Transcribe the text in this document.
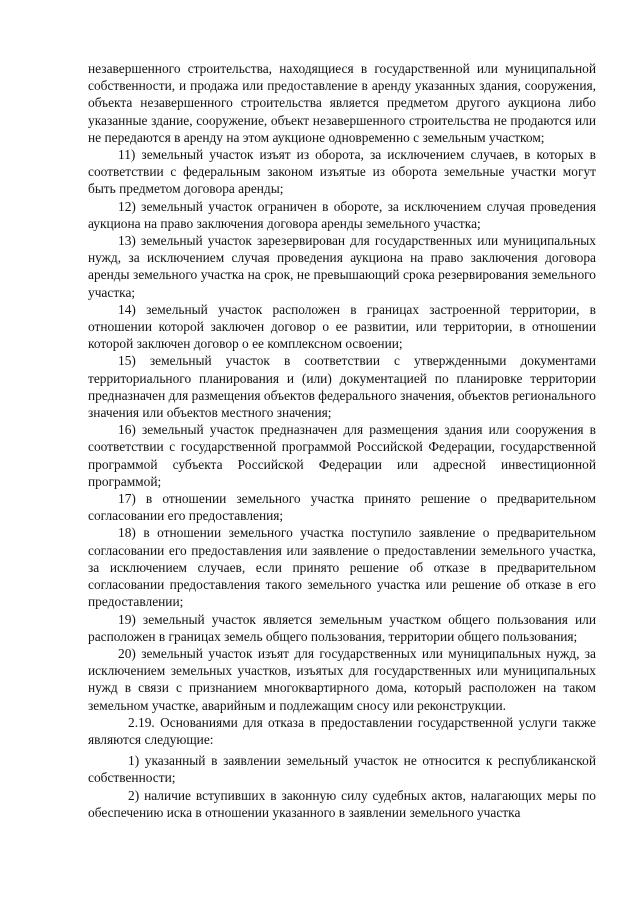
незавершенного строительства, находящиеся в государственной или муниципальной собственности, и продажа или предоставление в аренду указанных здания, сооружения, объекта незавершенного строительства является предметом другого аукциона либо указанные здание, сооружение, объект незавершенного строительства не продаются или не передаются в аренду на этом аукционе одновременно с земельным участком;

11) земельный участок изъят из оборота, за исключением случаев, в которых в соответствии с федеральным законом изъятые из оборота земельные участки могут быть предметом договора аренды;

12) земельный участок ограничен в обороте, за исключением случая проведения аукциона на право заключения договора аренды земельного участка;

13) земельный участок зарезервирован для государственных или муниципальных нужд, за исключением случая проведения аукциона на право заключения договора аренды земельного участка на срок, не превышающий срока резервирования земельного участка;

14) земельный участок расположен в границах застроенной территории, в отношении которой заключен договор о ее развитии, или территории, в отношении которой заключен договор о ее комплексном освоении;

15) земельный участок в соответствии с утвержденными документами территориального планирования и (или) документацией по планировке территории предназначен для размещения объектов федерального значения, объектов регионального значения или объектов местного значения;

16) земельный участок предназначен для размещения здания или сооружения в соответствии с государственной программой Российской Федерации, государственной программой субъекта Российской Федерации или адресной инвестиционной программой;

17) в отношении земельного участка принято решение о предварительном согласовании его предоставления;

18) в отношении земельного участка поступило заявление о предварительном согласовании его предоставления или заявление о предоставлении земельного участка, за исключением случаев, если принято решение об отказе в предварительном согласовании предоставления такого земельного участка или решение об отказе в его предоставлении;

19) земельный участок является земельным участком общего пользования или расположен в границах земель общего пользования, территории общего пользования;

20) земельный участок изъят для государственных или муниципальных нужд, за исключением земельных участков, изъятых для государственных или муниципальных нужд в связи с признанием многоквартирного дома, который расположен на таком земельном участке, аварийным и подлежащим сносу или реконструкции.

2.19. Основаниями для отказа в предоставлении государственной услуги также являются следующие:

1) указанный в заявлении земельный участок не относится к республиканской собственности;

2) наличие вступивших в законную силу судебных актов, налагающих меры по обеспечению иска в отношении указанного в заявлении земельного участка
